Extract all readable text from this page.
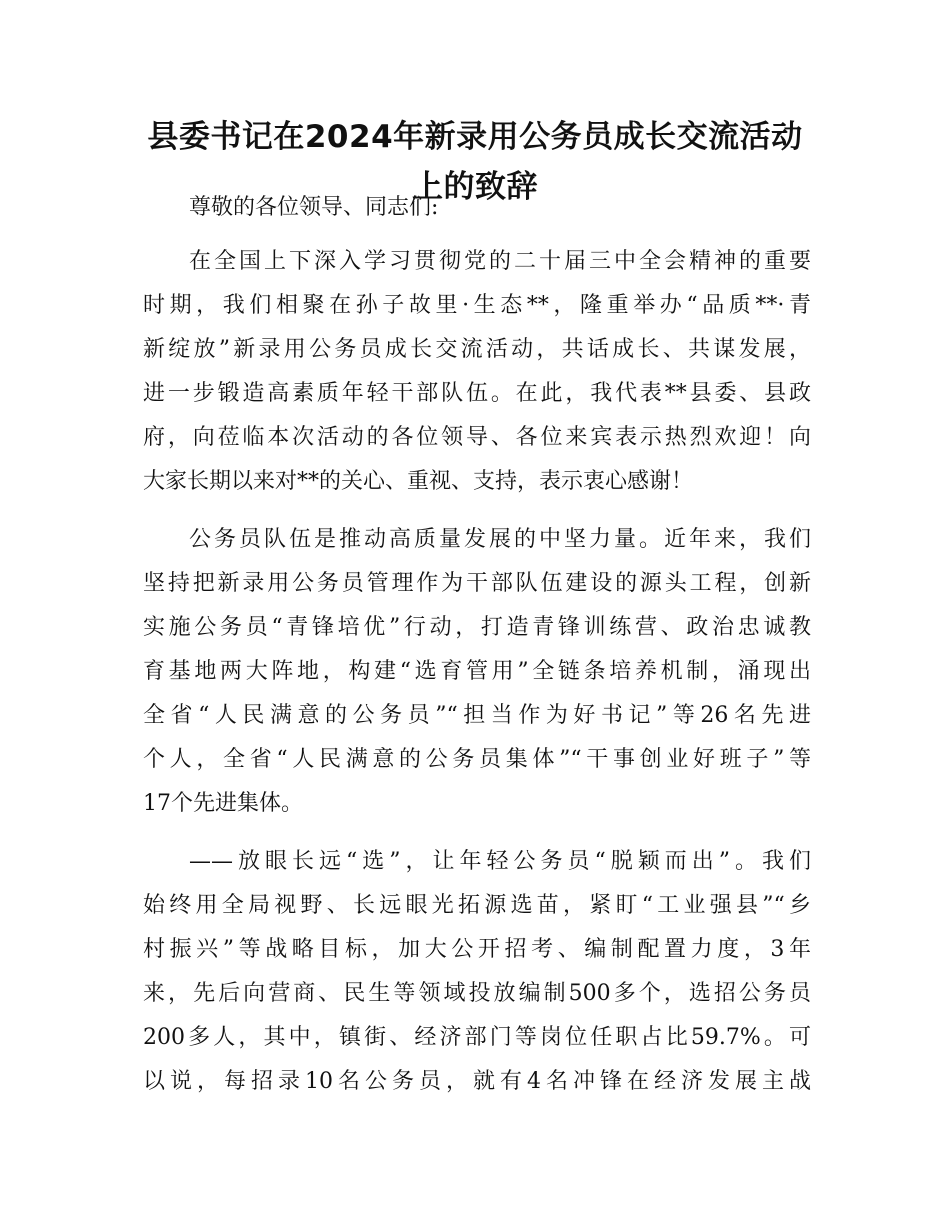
县委书记在2024年新录用公务员成长交流活动
上的致辞
尊敬的各位领导、同志们:
在全国上下深入学习贯彻党的二十届三中全会精神的重要
时期，我们相聚在孙子故里·生态**，隆重举办“品质**·青
新绽放”新录用公务员成长交流活动，共话成长、共谋发展，
进一步锻造高素质年轻干部队伍。在此，我代表**县委、县政
府，向莅临本次活动的各位领导、各位来宾表示热烈欢迎！向
大家长期以来对**的关心、重视、支持，表示衷心感谢！
公务员队伍是推动高质量发展的中坚力量。近年来，我们
坚持把新录用公务员管理作为干部队伍建设的源头工程，创新
实施公务员“青锋培优”行动，打造青锋训练营、政治忠诚教
育基地两大阵地，构建“选育管用”全链条培养机制，涌现出
全省“人民满意的公务员”“担当作为好书记”等26名先进
个人，全省“人民满意的公务员集体”“干事创业好班子”等
17个先进集体。
——放眼长远“选”，让年轻公务员“脱颖而出”。我们
始终用全局视野、长远眼光拓源选苗，紧盯“工业强县”“乡
村振兴”等战略目标，加大公开招考、编制配置力度，3年
来，先后向营商、民生等领域投放编制500多个，选招公务员
200多人，其中，镇街、经济部门等岗位任职占比59.7%。可
以说，每招录10名公务员，就有4名冲锋在经济发展主战
